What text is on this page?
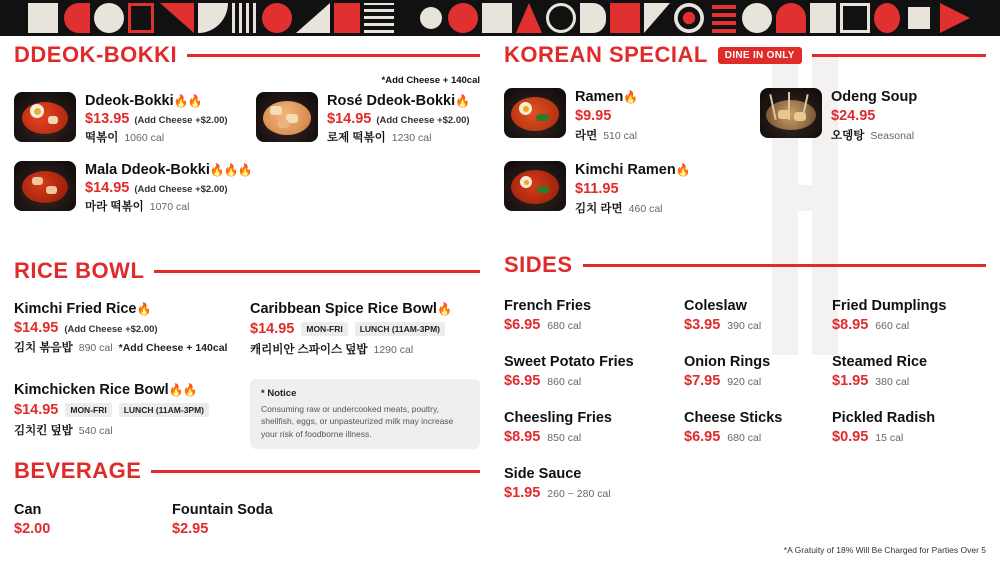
DDEOK-BOKKI
*Add Cheese + 140cal
Ddeok-Bokki🔥🔥
$13.95 (Add Cheese +$2.00)
떡볶이 1060 cal
Rosé Ddeok-Bokki🔥
$14.95 (Add Cheese +$2.00)
로제 떡볶이 1230 cal
Mala Ddeok-Bokki🔥🔥🔥
$14.95 (Add Cheese +$2.00)
마라 떡볶이 1070 cal
RICE BOWL
Kimchi Fried Rice🔥
$14.95 (Add Cheese +$2.00)
김치 볶음밥 890 cal *Add Cheese + 140cal
Kimchicken Rice Bowl🔥🔥
$14.95	MON-FRI	LUNCH (11AM-3PM)
김치킨 덮밥 540 cal
Caribbean Spice Rice Bowl🔥
$14.95	MON-FRI	LUNCH (11AM-3PM)
캐리비안 스파이스 덮밥 1290 cal
* Notice
Consuming raw or undercooked meats, poultry, shellfish, eggs, or unpasteurized milk may increase your risk of foodborne illness.
BEVERAGE
Can
$2.00
Fountain Soda
$2.95
KOREAN SPECIAL	DINE IN ONLY
Ramen🔥
$9.95
라면 510 cal
Odeng Soup
$24.95
오뎅탕 Seasonal
Kimchi Ramen🔥
$11.95
김치 라면 460 cal
SIDES
French Fries
$6.95 680 cal
Coleslaw
$3.95 390 cal
Fried Dumplings
$8.95 660 cal
Sweet Potato Fries
$6.95 860 cal
Onion Rings
$7.95 920 cal
Steamed Rice
$1.95 380 cal
Cheesling Fries
$8.95 850 cal
Cheese Sticks
$6.95 680 cal
Pickled Radish
$0.95 15 cal
Side Sauce
$1.95 260 ~ 280 cal
*A Gratuity of 18% Will Be Charged for Parties Over 5
